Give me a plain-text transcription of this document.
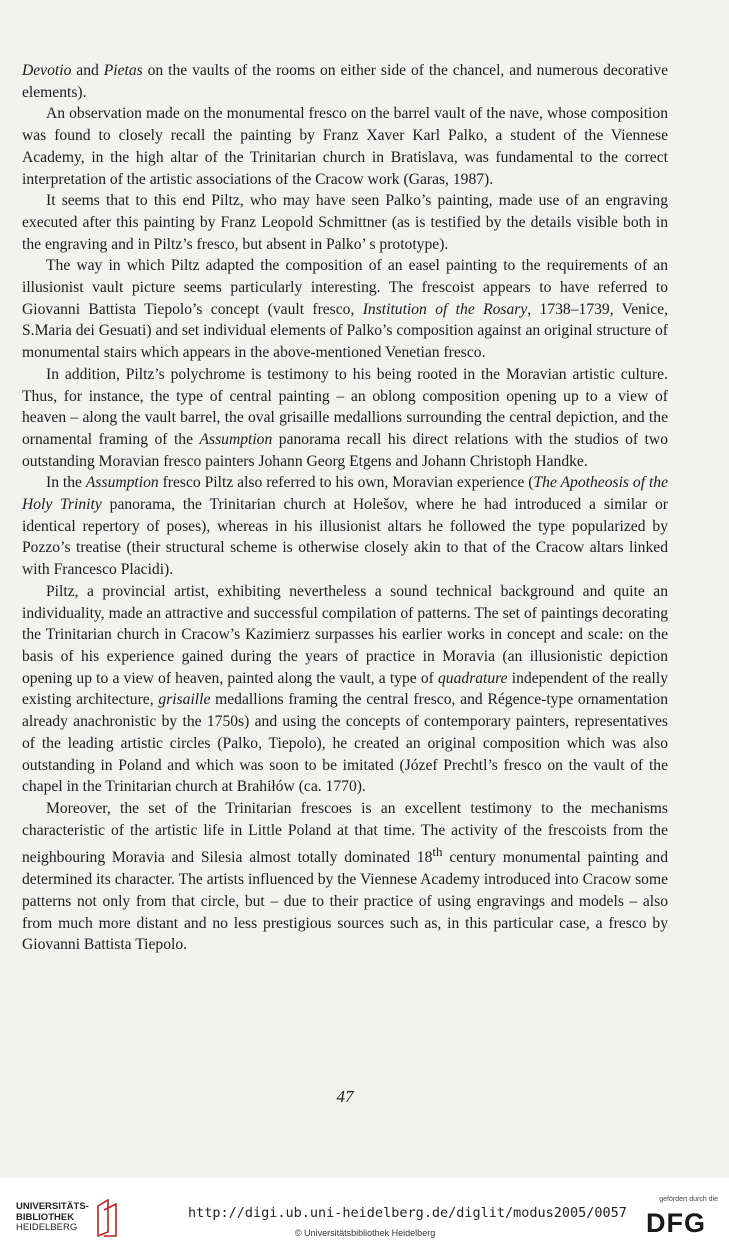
Devotio and Pietas on the vaults of the rooms on either side of the chancel, and numerous decorative elements).

An observation made on the monumental fresco on the barrel vault of the nave, whose composition was found to closely recall the painting by Franz Xaver Karl Palko, a student of the Viennese Academy, in the high altar of the Trinitarian church in Bratislava, was fundamental to the correct interpretation of the artistic associations of the Cracow work (Garas, 1987).

It seems that to this end Piltz, who may have seen Palko’s painting, made use of an engraving executed after this painting by Franz Leopold Schmittner (as is testified by the details visible both in the engraving and in Piltz’s fresco, but absent in Palko’ s prototype).

The way in which Piltz adapted the composition of an easel painting to the requirements of an illusionist vault picture seems particularly interesting. The frescoist appears to have referred to Giovanni Battista Tiepolo’s concept (vault fresco, Institution of the Rosary, 1738–1739, Venice, S.Maria dei Gesuati) and set individual elements of Palko’s composition against an original structure of monumental stairs which appears in the above-mentioned Venetian fresco.

In addition, Piltz’s polychrome is testimony to his being rooted in the Moravian artistic culture. Thus, for instance, the type of central painting – an oblong composition opening up to a view of heaven – along the vault barrel, the oval grisaille medallions surrounding the central depiction, and the ornamental framing of the Assumption panorama recall his direct relations with the studios of two outstanding Moravian fresco painters Johann Georg Etgens and Johann Christoph Handke.

In the Assumption fresco Piltz also referred to his own, Moravian experience (The Apotheosis of the Holy Trinity panorama, the Trinitarian church at Holešov, where he had introduced a similar or identical repertory of poses), whereas in his illusionist altars he followed the type popularized by Pozzo’s treatise (their structural scheme is otherwise closely akin to that of the Cracow altars linked with Francesco Placidi).

Piltz, a provincial artist, exhibiting nevertheless a sound technical background and quite an individuality, made an attractive and successful compilation of patterns. The set of paintings decorating the Trinitarian church in Cracow’s Kazimierz surpasses his earlier works in concept and scale: on the basis of his experience gained during the years of practice in Moravia (an illusionistic depiction opening up to a view of heaven, painted along the vault, a type of quadrature independent of the really existing architecture, grisaille medallions framing the central fresco, and Régence-type ornamentation already anachronistic by the 1750s) and using the concepts of contemporary painters, representatives of the leading artistic circles (Palko, Tiepolo), he created an original composition which was also outstanding in Poland and which was soon to be imitated (Józef Prechtl’s fresco on the vault of the chapel in the Trinitarian church at Brahiłów (ca. 1770).

Moreover, the set of the Trinitarian frescoes is an excellent testimony to the mechanisms characteristic of the artistic life in Little Poland at that time. The activity of the frescoists from the neighbouring Moravia and Silesia almost totally dominated 18th century monumental painting and determined its character. The artists influenced by the Viennese Academy introduced into Cracow some patterns not only from that circle, but – due to their practice of using engravings and models – also from much more distant and no less prestigious sources such as, in this particular case, a fresco by Giovanni Battista Tiepolo.

47
UNIVERSITÄTS-
BIBLIOTHEK
HEIDELBERG
http://digi.ub.uni-heidelberg.de/diglit/modus2005/0057
© Universitätsbibliothek Heidelberg
gefördert durch die
DFG
